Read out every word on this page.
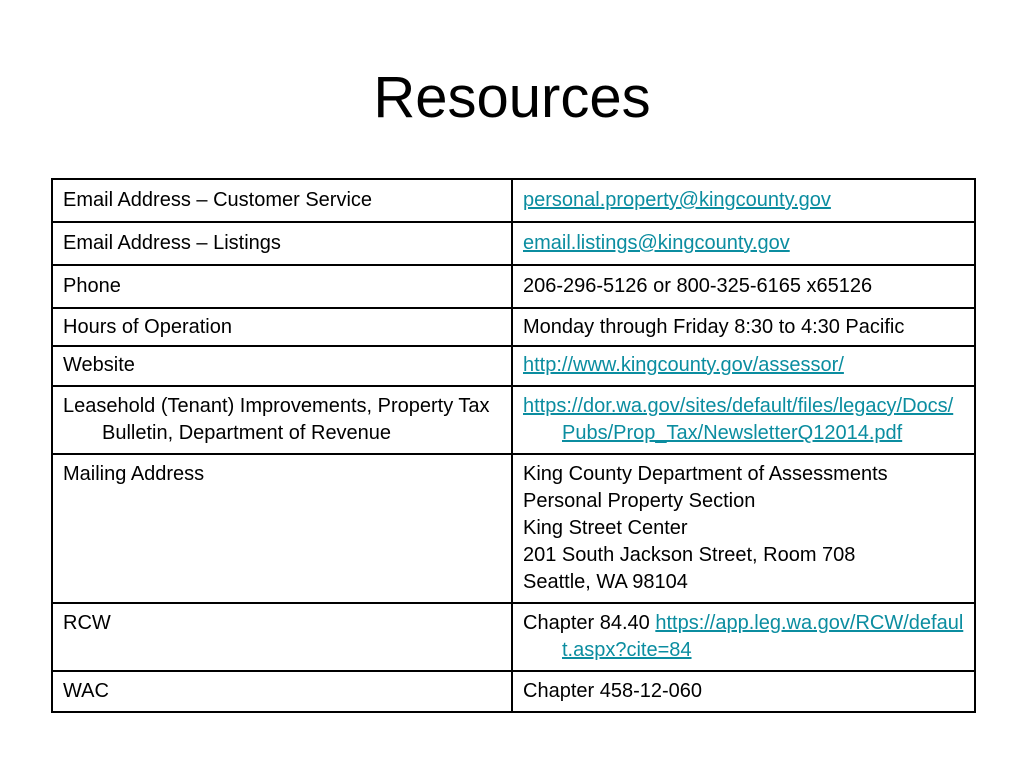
Resources
Email Address – Customer Service	personal.property@kingcounty.gov
Email Address – Listings	email.listings@kingcounty.gov
Phone	206-296-5126 or 800-325-6165 x65126
Hours of Operation	Monday through Friday 8:30 to 4:30 Pacific
Website	http://www.kingcounty.gov/assessor/

Leasehold (Tenant) Improvements, Property Tax Bulletin, Department of Revenue	https://dor.wa.gov/sites/default/files/legacy/Docs/Pubs/Prop_Tax/NewsletterQ12014.pdf

Mailing Address	King County Department of Assessments
Personal Property Section
King Street Center
201 South Jackson Street, Room 708
Seattle, WA 98104

RCW	Chapter 84.40 https://app.leg.wa.gov/RCW/default.aspx?cite=84

WAC	Chapter 458-12-060
